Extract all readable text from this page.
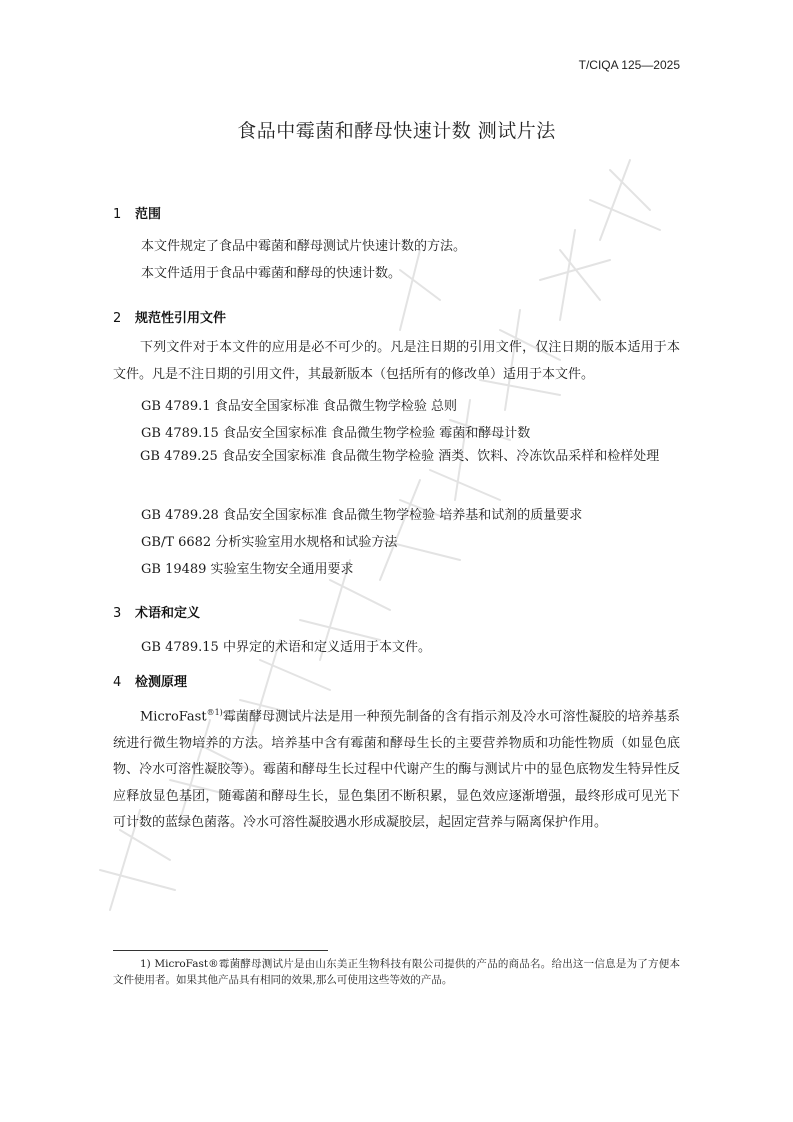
T/CIQA 125—2025
食品中霉菌和酵母快速计数 测试片法
1 范围
本文件规定了食品中霉菌和酵母测试片快速计数的方法。
本文件适用于食品中霉菌和酵母的快速计数。
2 规范性引用文件
下列文件对于本文件的应用是必不可少的。凡是注日期的引用文件，仅注日期的版本适用于本文件。凡是不注日期的引用文件，其最新版本（包括所有的修改单）适用于本文件。
GB 4789.1 食品安全国家标准 食品微生物学检验 总则
GB 4789.15 食品安全国家标准 食品微生物学检验 霉菌和酵母计数
GB 4789.25 食品安全国家标准 食品微生物学检验 酒类、饮料、冷冻饮品采样和检样处理
GB 4789.28 食品安全国家标准 食品微生物学检验 培养基和试剂的质量要求
GB/T 6682 分析实验室用水规格和试验方法
GB 19489 实验室生物安全通用要求
3 术语和定义
GB 4789.15 中界定的术语和定义适用于本文件。
4 检测原理
MicroFast$^{®1)}$霉菌酵母测试片法是用一种预先制备的含有指示剂及冷水可溶性凝胶的培养基系统进行微生物培养的方法。培养基中含有霉菌和酵母生长的主要营养物质和功能性物质（如显色底物、冷水可溶性凝胶等）。霉菌和酵母生长过程中代谢产生的酶与测试片中的显色底物发生特异性反应释放显色基团，随霉菌和酵母生长，显色集团不断积累，显色效应逐渐增强，最终形成可见光下可计数的蓝绿色菌落。冷水可溶性凝胶遇水形成凝胶层，起固定营养与隔离保护作用。
1) MicroFast®霉菌酵母测试片是由山东美正生物科技有限公司提供的产品的商品名。给出这一信息是为了方便本文件使用者。如果其他产品具有相同的效果,那么可使用这些等效的产品。
